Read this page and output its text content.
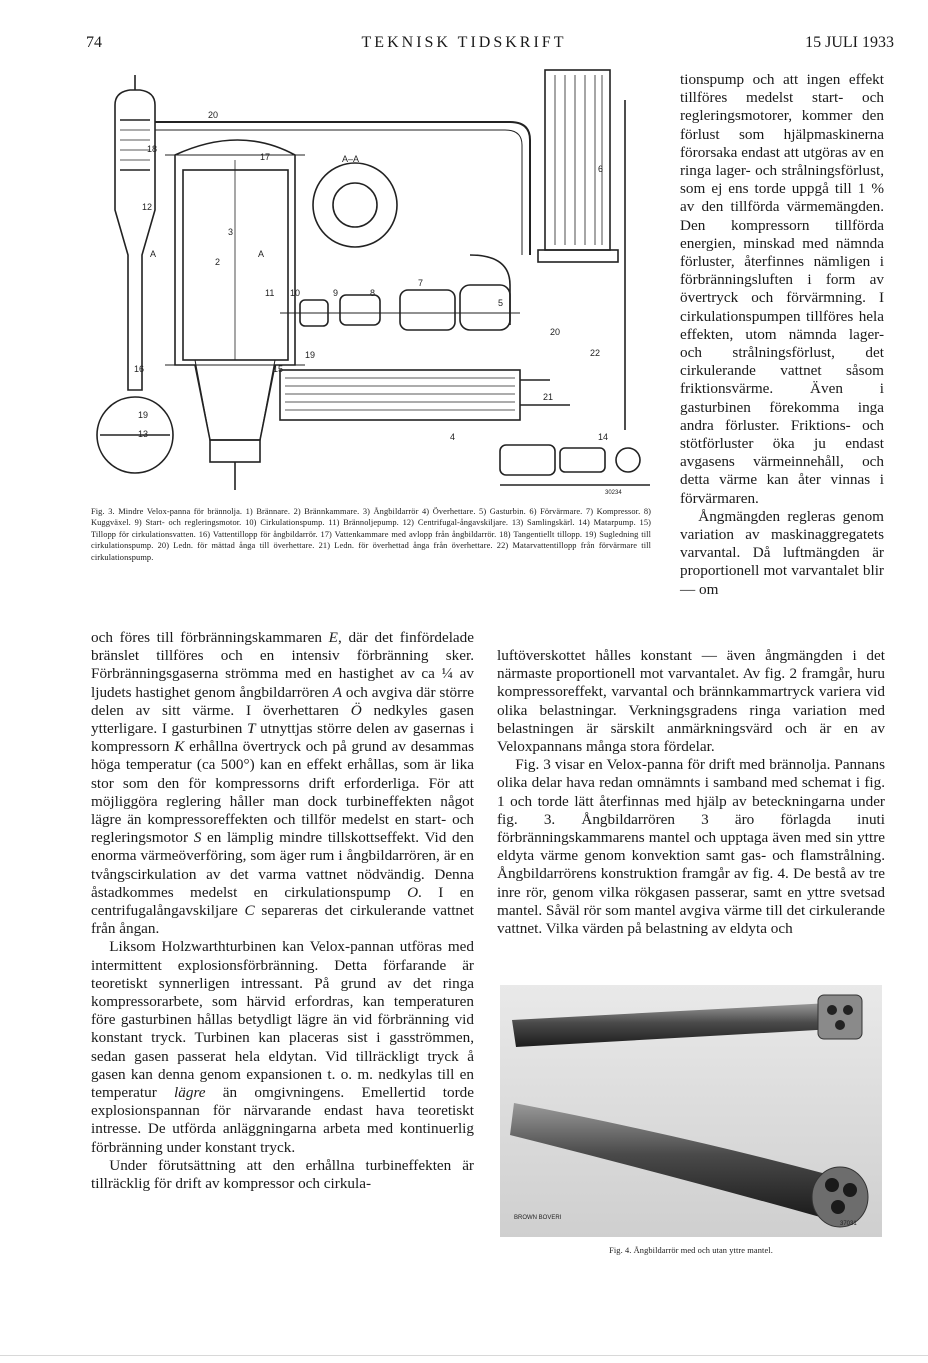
74	TEKNISK TIDSKRIFT	15 JULI 1933
A–A
20
18
17
12
3
2
A	A
11 10	9	8
7
5
6
20
22
19
15
16
19
13	4
21
14
30234
Fig. 3. Mindre Velox-panna för brännolja. 1) Brännare. 2) Brännkammare. 3) Ångbildarrör 4) Överhettare. 5) Gasturbin. 6) Förvärmare. 7) Kompressor. 8) Kuggväxel. 9) Start- och regleringsmotor. 10) Cirkulationspump. 11) Brännoljepump. 12) Centrifugal-ångavskiljare. 13) Samlingskärl. 14) Matarpump. 15) Tillopp för cirkulationsvatten. 16) Vattentillopp för ångbildarrör. 17) Vattenkammare med avlopp från ångbildarrör. 18) Tangentiellt tillopp. 19) Sugledning till cirkulationspump. 20) Ledn. för mättad ånga till överhettare. 21) Ledn. för överhettad ånga från överhettare. 22) Matarvattentillopp från förvärmare till cirkulationspump.

tionspump och att ingen effekt tillföres medelst start- och regleringsmotorer, kommer den förlust som hjälpmaskinerna förorsaka endast att utgöras av en ringa lager- och strålningsförlust, som ej ens torde uppgå till 1 % av den tillförda värmemängden. Den kompressorn tillförda energien, minskad med nämnda förluster, återfinnes nämligen i förbränningsluften i form av övertryck och förvärmning. I cirkulationspumpen tillföres hela effekten, utom nämnda lager- och strålningsförlust, det cirkulerande vattnet såsom friktionsvärme. Även i gasturbinen förekomma inga andra förluster. Friktions- och stötförluster öka ju endast avgasens värmeinnehåll, och detta värme kan åter vinnas i förvärmaren.

Ångmängden regleras genom variation av maskinaggregatets varvantal. Då luftmängden är proportionell mot varvantalet blir — om

och föres till förbränningskammaren E, där det finfördelade bränslet tillföres och en intensiv förbränning sker. Förbränningsgaserna strömma med en hastighet av ca ¼ av ljudets hastighet genom ångbildarrören A och avgiva där större delen av sitt värme. I överhettaren Ö nedkyles gasen ytterligare. I gasturbinen T utnyttjas större delen av gasernas i kompressorn K erhållna övertryck och på grund av desammas höga temperatur (ca 500°) kan en effekt erhållas, som är lika stor som den för kompressorns drift erforderliga. För att möjliggöra reglering håller man dock turbineffekten något lägre än kompressoreffekten och tillför medelst en start- och regleringsmotor S en lämplig mindre tillskottseffekt. Vid den enorma värmeöverföring, som äger rum i ångbildarrören, är en tvångscirkulation av det varma vattnet nödvändig. Denna åstadkommes medelst en cirkulationspump O. I en centrifugalångavskiljare C separeras det cirkulerande vattnet från ångan.

Liksom Holzwarthturbinen kan Velox-pannan utföras med intermittent explosionsförbränning. Detta förfarande är teoretiskt synnerligen intressant. På grund av det ringa kompressorarbete, som härvid erfordras, kan temperaturen före gasturbinen hållas betydligt lägre än vid förbränning vid konstant tryck. Turbinen kan placeras sist i gasströmmen, sedan gasen passerat hela eldytan. Vid tillräckligt tryck å gasen kan denna genom expansionen t. o. m. nedkylas till en temperatur lägre än omgivningens. Emellertid torde explosionspannan för närvarande endast hava teoretiskt intresse. De utförda anläggningarna arbeta med kontinuerlig förbränning under konstant tryck.

Under förutsättning att den erhållna turbineffekten är tillräcklig för drift av kompressor och cirkula-

luftöverskottet hålles konstant — även ångmängden i det närmaste proportionell mot varvantalet. Av fig. 2 framgår, huru kompressoreffekt, varvantal och brännkammartryck variera vid olika belastningar. Verkningsgradens ringa variation med belastningen är särskilt anmärkningsvärd och är en av Veloxpannans många stora fördelar.

Fig. 3 visar en Velox-panna för drift med brännolja. Pannans olika delar hava redan omnämnts i samband med schemat i fig. 1 och torde lätt återfinnas med hjälp av beteckningarna under fig. 3. Ångbildarrören 3 äro förlagda inuti förbränningskammarens mantel och upptaga även med sin yttre eldyta värme genom konvektion samt gas- och flamstrålning. Ångbildarrörens konstruktion framgår av fig. 4. De bestå av tre inre rör, genom vilka rökgasen passerar, samt en yttre svetsad mantel. Såväl rör som mantel avgiva värme till det cirkulerande vattnet. Vilka värden på belastning av eldyta och

BROWN BOVERI
37031
Fig. 4. Ångbildarrör med och utan yttre mantel.
